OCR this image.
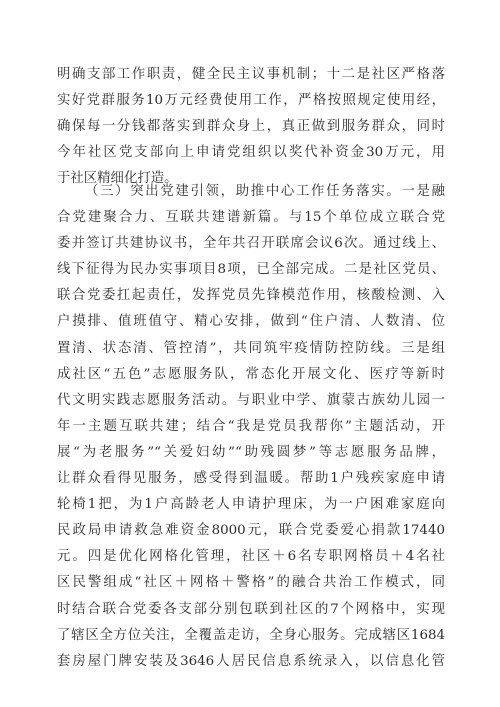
明确支部工作职责，健全民主议事机制；十二是社区严格落
实好党群服务10万元经费使用工作，严格按照规定使用经，
确保每一分钱都落实到群众身上，真正做到服务群众，同时
今年社区党支部向上申请党组织以奖代补资金30万元，用
于社区精细化打造。
（三）突出党建引领，助推中心工作任务落实。一是融
合党建聚合力、互联共建谱新篇。与15个单位成立联合党
委并签订共建协议书，全年共召开联席会议6次。通过线上、
线下征得为民办实事项目8项，已全部完成。二是社区党员、
联合党委扛起责任，发挥党员先锋模范作用，核酸检测、入
户摸排、值班值守、精心安排，做到“住户清、人数清、位
置清、状态清、管控清”，共同筑牢疫情防控防线。三是组
成社区“五色”志愿服务队，常态化开展文化、医疗等新时
代文明实践志愿服务活动。与职业中学、旗蒙古族幼儿园一
年一主题互联共建；结合“我是党员我帮你”主题活动，开
展“为老服务”“关爱妇幼”“助残圆梦”等志愿服务品牌，
让群众看得见服务，感受得到温暖。帮助1户残疾家庭申请
轮椅1把，为1户高龄老人申请护理床，为一户困难家庭向
民政局申请救急难资金8000元，联合党委爱心捐款17440
元。四是优化网格化管理，社区＋6名专职网格员＋4名社
区民警组成“社区＋网格＋警格”的融合共治工作模式，同
时结合联合党委各支部分别包联到社区的7个网格中，实现
了辖区全方位关注，全覆盖走访，全身心服务。完成辖区1684
套房屋门牌安装及3646人居民信息系统录入，以信息化管
